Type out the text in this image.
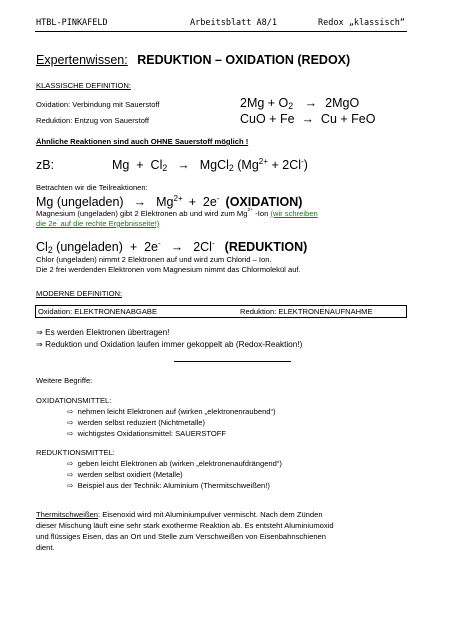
HTBL-PINKAFELD	Arbeitsblatt A8/1	Redox „klassisch“
Expertenwissen: REDUKTION – OXIDATION (REDOX)
KLASSISCHE DEFINITION:
Oxidation: Verbindung mit Sauerstoff	$2Mg + O_2 \to 2MgO$
Reduktion: Entzug von Sauerstoff	CuO + Fe  →  Cu + FeO
Ähnliche Reaktionen sind auch OHNE Sauerstoff möglich !
zB:	$Mg + Cl_2$ → MgCl$_2$ $(Mg^{2+} + 2Cl^-)$
Betrachten wir die Teilreaktionen:
Mg (ungeladen) → $Mg^{2+} + 2e^-$ (OXIDATION)
Magnesium (ungeladen) gibt 2 Elektronen ab und wird zum $Mg^{2+}$ -Ion (wir schreiben
die 2e- auf die rechte Ergebnisseite!)
$Cl_2$ (ungeladen)  +  2e- → 2Cl- (REDUKTION)
Chlor (ungeladen) nimmt 2 Elektronen auf und wird zum Chlorid – Ion.
Die 2 frei werdenden Elektronen vom Magnesium nimmt das Chlormolekül auf.
MODERNE DEFINITION:
Oxidation: ELEKTRONENABGABE	Reduktion: ELEKTRONENAUFNAHME
⇒ Es werden Elektronen übertragen!
⇒ Reduktion und Oxidation laufen immer gekoppelt ab (Redox-Reaktion!)
Weitere Begriffe:
OXIDATIONSMITTEL:
⇨ nehmen leicht Elektronen auf (wirken „elektronenraubend“)
⇨ werden selbst reduziert (Nichtmetalle)
⇨ wichtigstes Oxidationsmittel: SAUERSTOFF
REDUKTIONSMITTEL:
⇨ geben leicht Elektronen ab (wirken „elektronenaufdrängend“)
⇨ werden selbst oxidiert (Metalle)
⇨ Beispiel aus der Technik: Aluminium (Thermitschweißen!)
Thermitschweißen: Eisenoxid wird mit Aluminiumpulver vermischt. Nach dem Zünden
dieser Mischung läuft eine sehr stark exotherme Reaktion ab. Es entsteht Aluminiumoxid
und flüssiges Eisen, das an Ort und Stelle zum Verschweißen von Eisenbahnschienen
dient.
